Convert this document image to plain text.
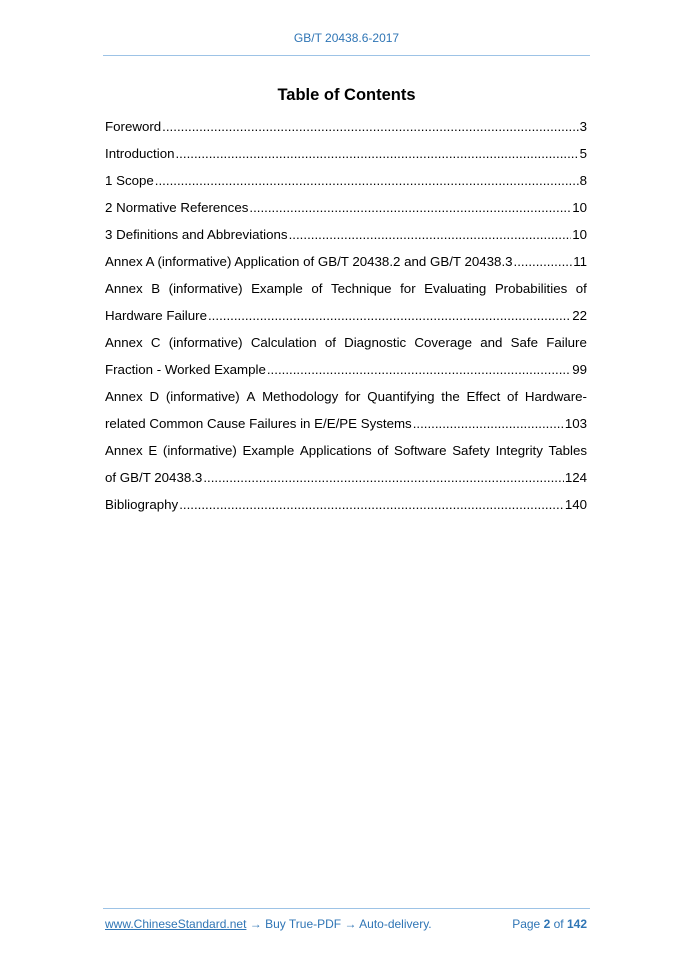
GB/T 20438.6-2017
Table of Contents
Foreword .....	3
Introduction .....	5
1 Scope .....	8
2 Normative References .....	10
3 Definitions and Abbreviations .....	10
Annex A (informative) Application of GB/T 20438.2 and GB/T 20438.3 .....	11
Annex B (informative) Example of Technique for Evaluating Probabilities of
Hardware Failure .....	22
Annex C (informative) Calculation of Diagnostic Coverage and Safe Failure
Fraction - Worked Example .....	99
Annex D (informative) A Methodology for Quantifying the Effect of Hardware-
related Common Cause Failures in E/E/PE Systems .....	103
Annex E (informative) Example Applications of Software Safety Integrity Tables
of GB/T 20438.3 .....	124
Bibliography .....	140
www.ChineseStandard.net → Buy True-PDF → Auto-delivery.	Page 2 of 142
